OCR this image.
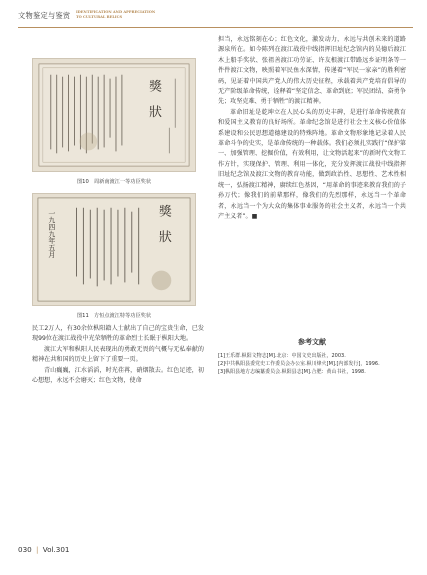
文物鉴定与鉴赏 IDENTIFICATION AND APPRECIATION
TO CULTURAL RELICS
獎　狀
图10　周新南渡江一等功臣奖状
一九四九年五月	獎　狀
图11　方恒点渡江特等功臣奖状

民工2万人，有30余位枞阳籍人士献出了自己的宝贵生命，已发现99位在渡江战役中光荣牺牲的革命烈士长眠于枞阳大地。

渡江大军和枞阳人民表现出的勇敢无畏的气概与无私奉献的精神在共和国的历史上留下了重要一页。

青山巍巍，江水滔滔，时光荏苒，硝烟散去。红色足迹，初心想想，永远不会磨灭；红色文物，使命

担当，永远铭刻在心；红色文化，激发动力，永远与共创未来的道路源泉所在。如今陈列在渡江战役中线指挥旧址纪念馆内的吴德后渡江木上船手奖状、张祖善渡江功劳证、许友根渡江带路远乡证明条等一件件渡江文物，映照着军民鱼水深情，传递着“军民一家亲”的胜利密码，见证着中国共产党人的伟大历史征程，承载着共产党培育倡导的无产阶级革命传统，诠释着“坚定信念、革命到底；军民团结、奋勇争先；攻坚克难、勇于牺牲”的渡江精神。

革命旧址是乾坤立在人民心头的历史丰碑，是进行革命传统教育和爱国主义教育的良好场所。革命纪念馆是进行社会主义核心价值体系建设和公民思想道德建设的特殊阵地。革命文物形象地记录着人民革命斗争的史实，是革命传统的一种载体。我们必须扎实践行“保护第一、加强管理、挖掘价值，有效利用，让文物活起来”的新时代文物工作方针，实现保护、管理、利用一体化，充分发挥渡江战役中线指挥旧址纪念馆及渡江文物的教育功能，做到政治性、思想性、艺术性相统一，弘扬渡江精神，赓续红色基因，“用革命的事迹来教育我们的子孙万代；像我们的前辈那样，像我们的先烈那样，永远当一个革命者，永远当一个为大众的集体事业服务的社会主义者，永远当一个共产主义者”。■

参考文献
[1]王乐群.枞阳文物志[M].北京：中国文史出版社，2003.
[2]中共枞阳县委党史工作委员会办公室.枞川烽火[M].[内部发行]，1996.
[3]枞阳县地方志编纂委员会.枞阳县志[M].合肥：黄山书社，1998.
030 | Vol.301
